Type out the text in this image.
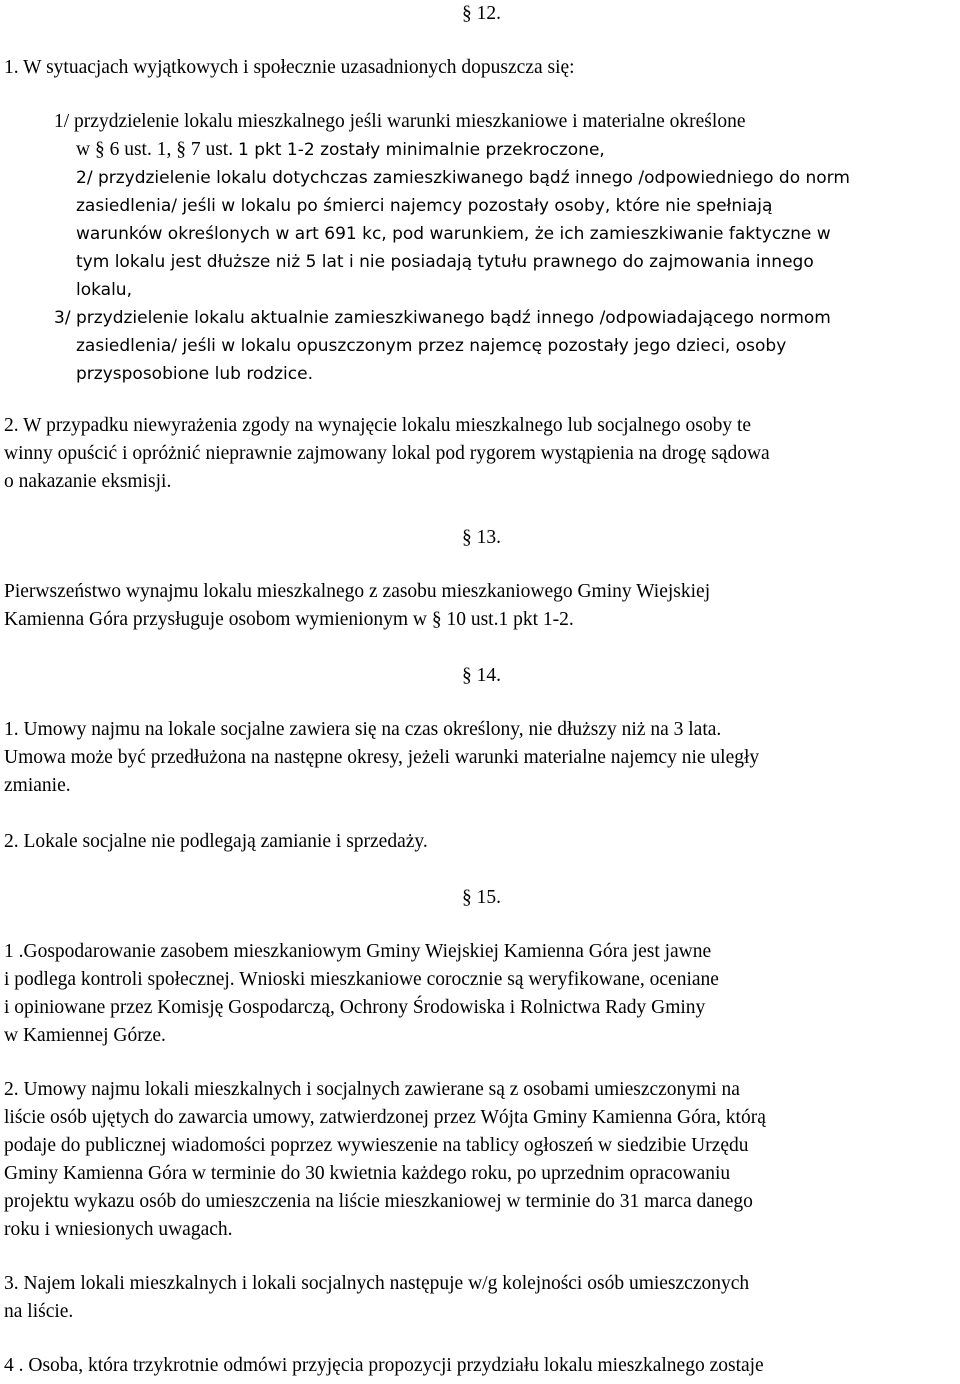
§ 12.
1. W sytuacjach wyjątkowych i społecznie uzasadnionych dopuszcza się:
1/ przydzielenie lokalu mieszkalnego jeśli warunki mieszkaniowe i materialne określone
w § 6 ust. 1, § 7 ust. 1 pkt 1-2 zostały minimalnie przekroczone,
2/ przydzielenie lokalu dotychczas zamieszkiwanego bądź innego /odpowiedniego do norm
zasiedlenia/ jeśli w lokalu po śmierci najemcy pozostały osoby, które nie spełniają
warunków określonych w art 691 kc, pod warunkiem, że ich zamieszkiwanie faktyczne w
tym lokalu jest dłuższe niż 5 lat i nie posiadają tytułu prawnego do zajmowania innego
lokalu,
3/ przydzielenie lokalu aktualnie zamieszkiwanego bądź innego /odpowiadającego normom
zasiedlenia/ jeśli w lokalu opuszczonym przez najemcę pozostały jego dzieci, osoby
przysposobione lub rodzice.
2. W przypadku niewyrażenia zgody na wynajęcie lokalu mieszkalnego lub socjalnego osoby te
winny opuścić i opróżnić nieprawnie zajmowany lokal pod rygorem wystąpienia na drogę sądowa
o nakazanie eksmisji.
§ 13.
Pierwszeństwo wynajmu lokalu mieszkalnego z zasobu mieszkaniowego Gminy Wiejskiej
Kamienna Góra przysługuje osobom wymienionym w § 10 ust.1 pkt 1-2.
§ 14.
1. Umowy najmu na lokale socjalne zawiera się na czas określony, nie dłuższy niż na 3 lata.
Umowa może być przedłużona na następne okresy, jeżeli warunki materialne najemcy nie uległy
zmianie.
2. Lokale socjalne nie podlegają zamianie i sprzedaży.
§ 15.
1 .Gospodarowanie zasobem mieszkaniowym Gminy Wiejskiej Kamienna Góra jest jawne
i podlega kontroli społecznej. Wnioski mieszkaniowe corocznie są weryfikowane, oceniane
i opiniowane przez Komisję Gospodarczą, Ochrony Środowiska i Rolnictwa Rady Gminy
w Kamiennej Górze.
2. Umowy najmu lokali mieszkalnych i socjalnych zawierane są z osobami umieszczonymi na
liście osób ujętych do zawarcia umowy, zatwierdzonej przez Wójta Gminy Kamienna Góra, którą
podaje do publicznej wiadomości poprzez wywieszenie na tablicy ogłoszeń w siedzibie Urzędu
Gminy Kamienna Góra w terminie do 30 kwietnia każdego roku, po uprzednim opracowaniu
projektu wykazu osób do umieszczenia na liście mieszkaniowej w terminie do 31 marca danego
roku i wniesionych uwagach.
3. Najem lokali mieszkalnych i lokali socjalnych następuje w/g kolejności osób umieszczonych
na liście.
4 . Osoba, która trzykrotnie odmówi przyjęcia propozycji przydziału lokalu mieszkalnego zostaje
